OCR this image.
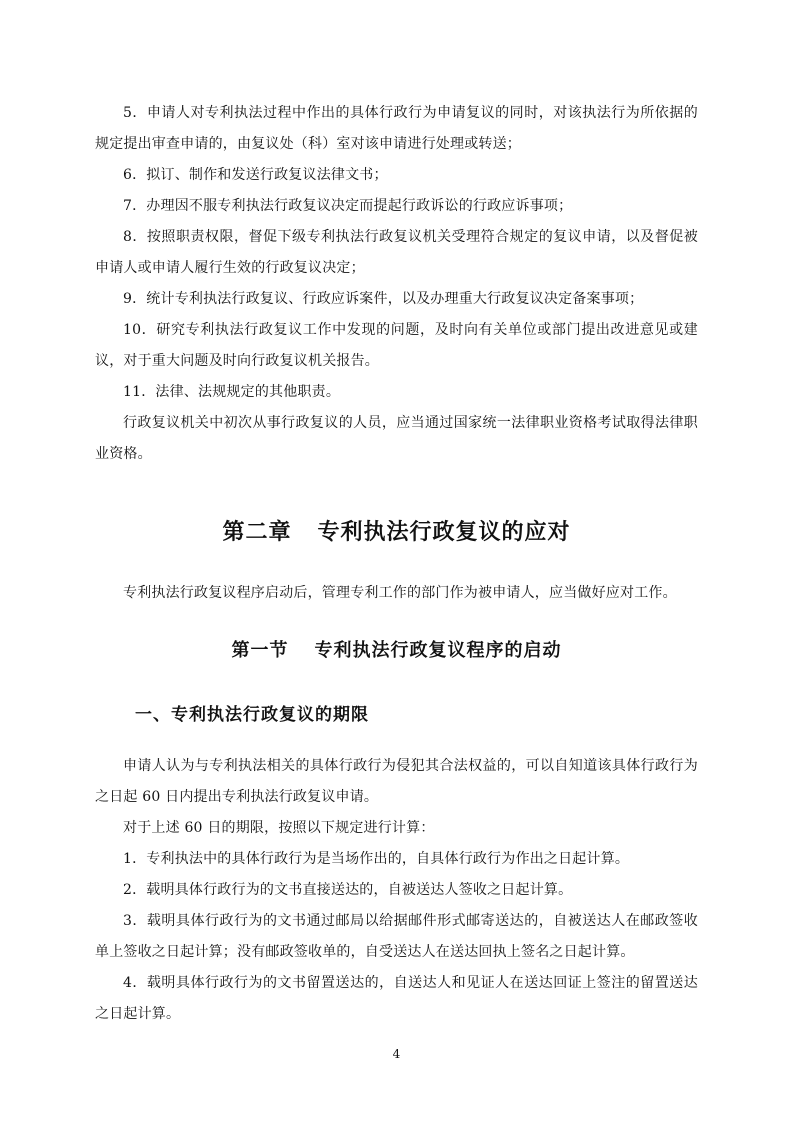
5．申请人对专利执法过程中作出的具体行政行为申请复议的同时，对该执法行为所依据的规定提出审查申请的，由复议处（科）室对该申请进行处理或转送；

6．拟订、制作和发送行政复议法律文书；

7．办理因不服专利执法行政复议决定而提起行政诉讼的行政应诉事项；

8．按照职责权限，督促下级专利执法行政复议机关受理符合规定的复议申请，以及督促被申请人或申请人履行生效的行政复议决定；

9．统计专利执法行政复议、行政应诉案件，以及办理重大行政复议决定备案事项；

10．研究专利执法行政复议工作中发现的问题，及时向有关单位或部门提出改进意见或建议，对于重大问题及时向行政复议机关报告。

11．法律、法规规定的其他职责。

行政复议机关中初次从事行政复议的人员，应当通过国家统一法律职业资格考试取得法律职业资格。

第二章 专利执法行政复议的应对

专利执法行政复议程序启动后，管理专利工作的部门作为被申请人，应当做好应对工作。

第一节 专利执法行政复议程序的启动
一、专利执法行政复议的期限

申请人认为与专利执法相关的具体行政行为侵犯其合法权益的，可以自知道该具体行政行为之日起 60 日内提出专利执法行政复议申请。

对于上述 60 日的期限，按照以下规定进行计算：

1．专利执法中的具体行政行为是当场作出的，自具体行政行为作出之日起计算。

2．载明具体行政行为的文书直接送达的，自被送达人签收之日起计算。

3．载明具体行政行为的文书通过邮局以给据邮件形式邮寄送达的，自被送达人在邮政签收单上签收之日起计算；没有邮政签收单的，自受送达人在送达回执上签名之日起计算。

4．载明具体行政行为的文书留置送达的，自送达人和见证人在送达回证上签注的留置送达之日起计算。

4
